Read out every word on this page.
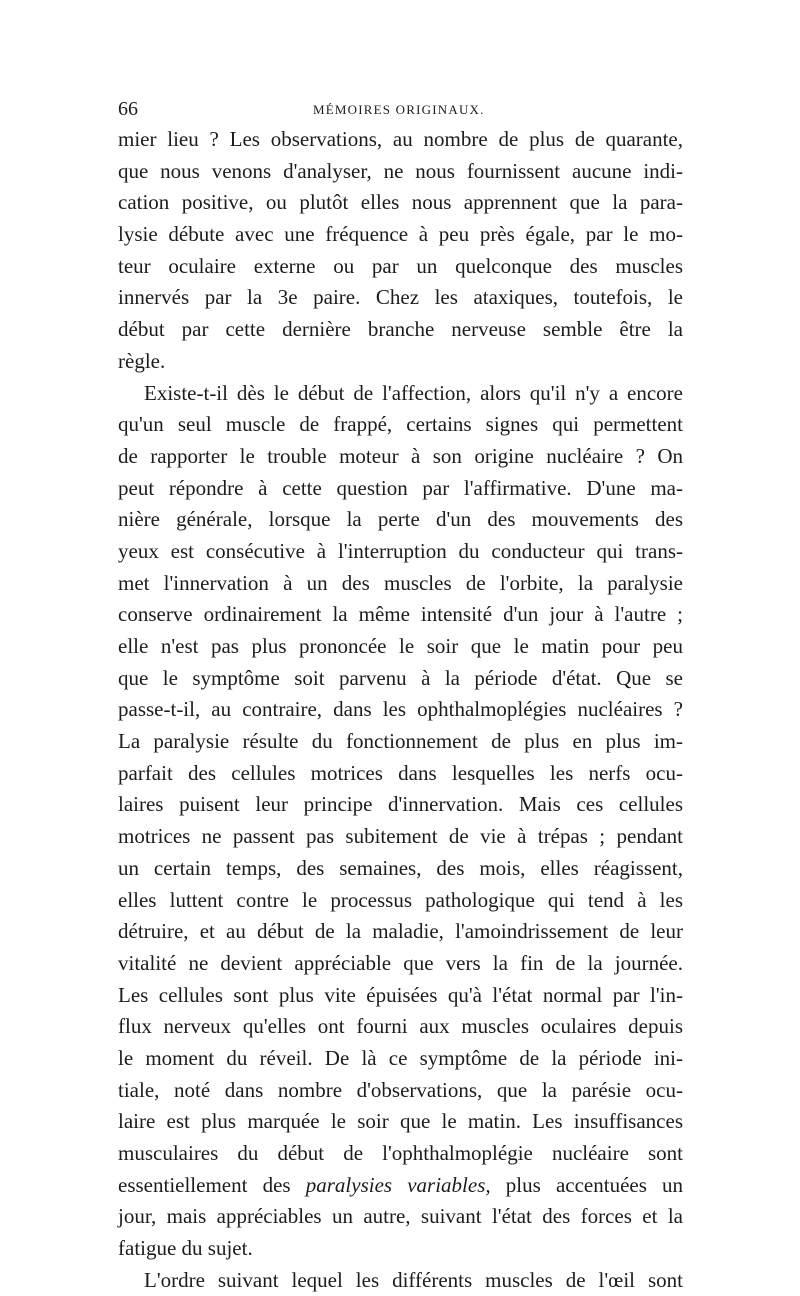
66	MÉMOIRES ORIGINAUX.
mier lieu ? Les observations, au nombre de plus de quarante,
que nous venons d'analyser, ne nous fournissent aucune indi-
cation positive, ou plutôt elles nous apprennent que la para-
lysie débute avec une fréquence à peu près égale, par le mo-
teur oculaire externe ou par un quelconque des muscles
innervés par la 3e paire. Chez les ataxiques, toutefois, le
début par cette dernière branche nerveuse semble être la
règle.
Existe-t-il dès le début de l'affection, alors qu'il n'y a encore
qu'un seul muscle de frappé, certains signes qui permettent
de rapporter le trouble moteur à son origine nucléaire ? On
peut répondre à cette question par l'affirmative. D'une ma-
nière générale, lorsque la perte d'un des mouvements des
yeux est consécutive à l'interruption du conducteur qui trans-
met l'innervation à un des muscles de l'orbite, la paralysie
conserve ordinairement la même intensité d'un jour à l'autre ;
elle n'est pas plus prononcée le soir que le matin pour peu
que le symptôme soit parvenu à la période d'état. Que se
passe-t-il, au contraire, dans les ophthalmoplégies nucléaires ?
La paralysie résulte du fonctionnement de plus en plus im-
parfait des cellules motrices dans lesquelles les nerfs ocu-
laires puisent leur principe d'innervation. Mais ces cellules
motrices ne passent pas subitement de vie à trépas ; pendant
un certain temps, des semaines, des mois, elles réagissent,
elles luttent contre le processus pathologique qui tend à les
détruire, et au début de la maladie, l'amoindrissement de leur
vitalité ne devient appréciable que vers la fin de la journée.
Les cellules sont plus vite épuisées qu'à l'état normal par l'in-
flux nerveux qu'elles ont fourni aux muscles oculaires depuis
le moment du réveil. De là ce symptôme de la période ini-
tiale, noté dans nombre d'observations, que la parésie ocu-
laire est plus marquée le soir que le matin. Les insuffisances
musculaires du début de l'ophthalmoplégie nucléaire sont
essentiellement des paralysies variables, plus accentuées un
jour, mais appréciables un autre, suivant l'état des forces et la
fatigue du sujet.
L'ordre suivant lequel les différents muscles de l'œil sont
